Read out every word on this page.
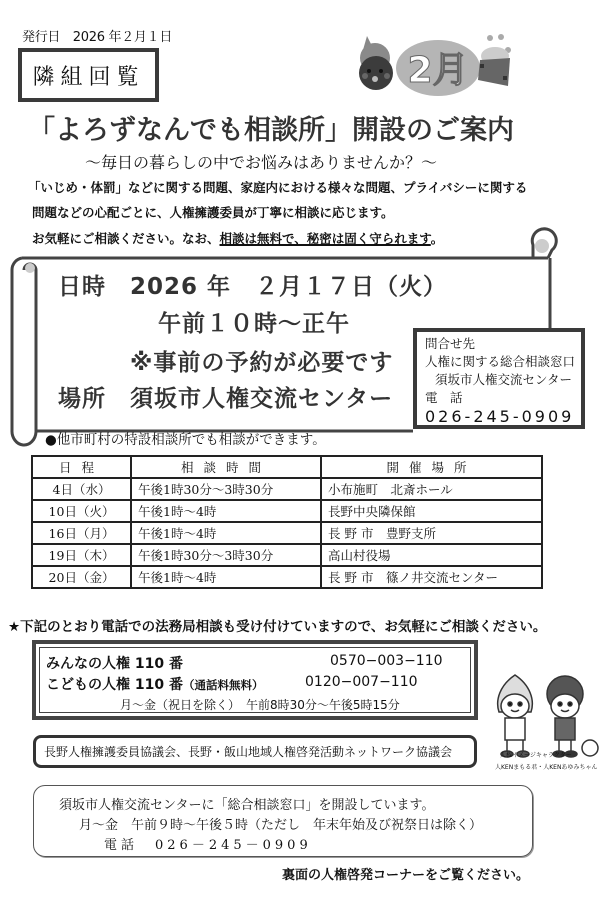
発行日　2026 年２月１日
隣組回覧	2月
「よろずなんでも相談所」開設のご案内
～毎日の暮らしの中でお悩みはありませんか？～
「いじめ・体罰」などに関する問題、家庭内における様々な問題、プライバシーに関する
問題などの心配ごとに、人権擁護委員が丁寧に相談に応じます。
お気軽にご相談ください。なお、相談は無料で、秘密は固く守られます。
日時　2026 年　２月１７日（火）
午前１０時～正午
※事前の予約が必要です
場所　須坂市人権交流センター
問合せ先
人権に関する総合相談窓口
須坂市人権交流センター
電　話
026-245-0909
●他市町村の特設相談所でも相談ができます。
日程	相談時間	開催場所
4日（水）	午後1時30分～3時30分	小布施町　北斎ホール
10日（火）	午後1時～4時	長野中央隣保館
16日（月）	午後1時～4時	長 野 市　豊野支所
19日（木）	午後1時30分～3時30分	高山村役場
20日（金）	午後1時～4時	長 野 市　篠ノ井交流センター
★下記のとおり電話での法務局相談も受け付けていますので、お気軽にご相談ください。
みんなの人権 110 番	0570−003−110
こどもの人権 110 番（通話料無料）	0120−007−110
月～金（祝日を除く）　午前8時30分～午後5時15分
人権イメージキャラクター
人KENまもる君・人KENあゆみちゃん
長野人権擁護委員協議会、長野・飯山地域人権啓発活動ネットワーク協議会
須坂市人権交流センターに「総合相談窓口」を開設しています。
月～金　午前９時～午後５時（ただし　年末年始及び祝祭日は除く）
電話　026－245－0909
裏面の人権啓発コーナーをご覧ください。
